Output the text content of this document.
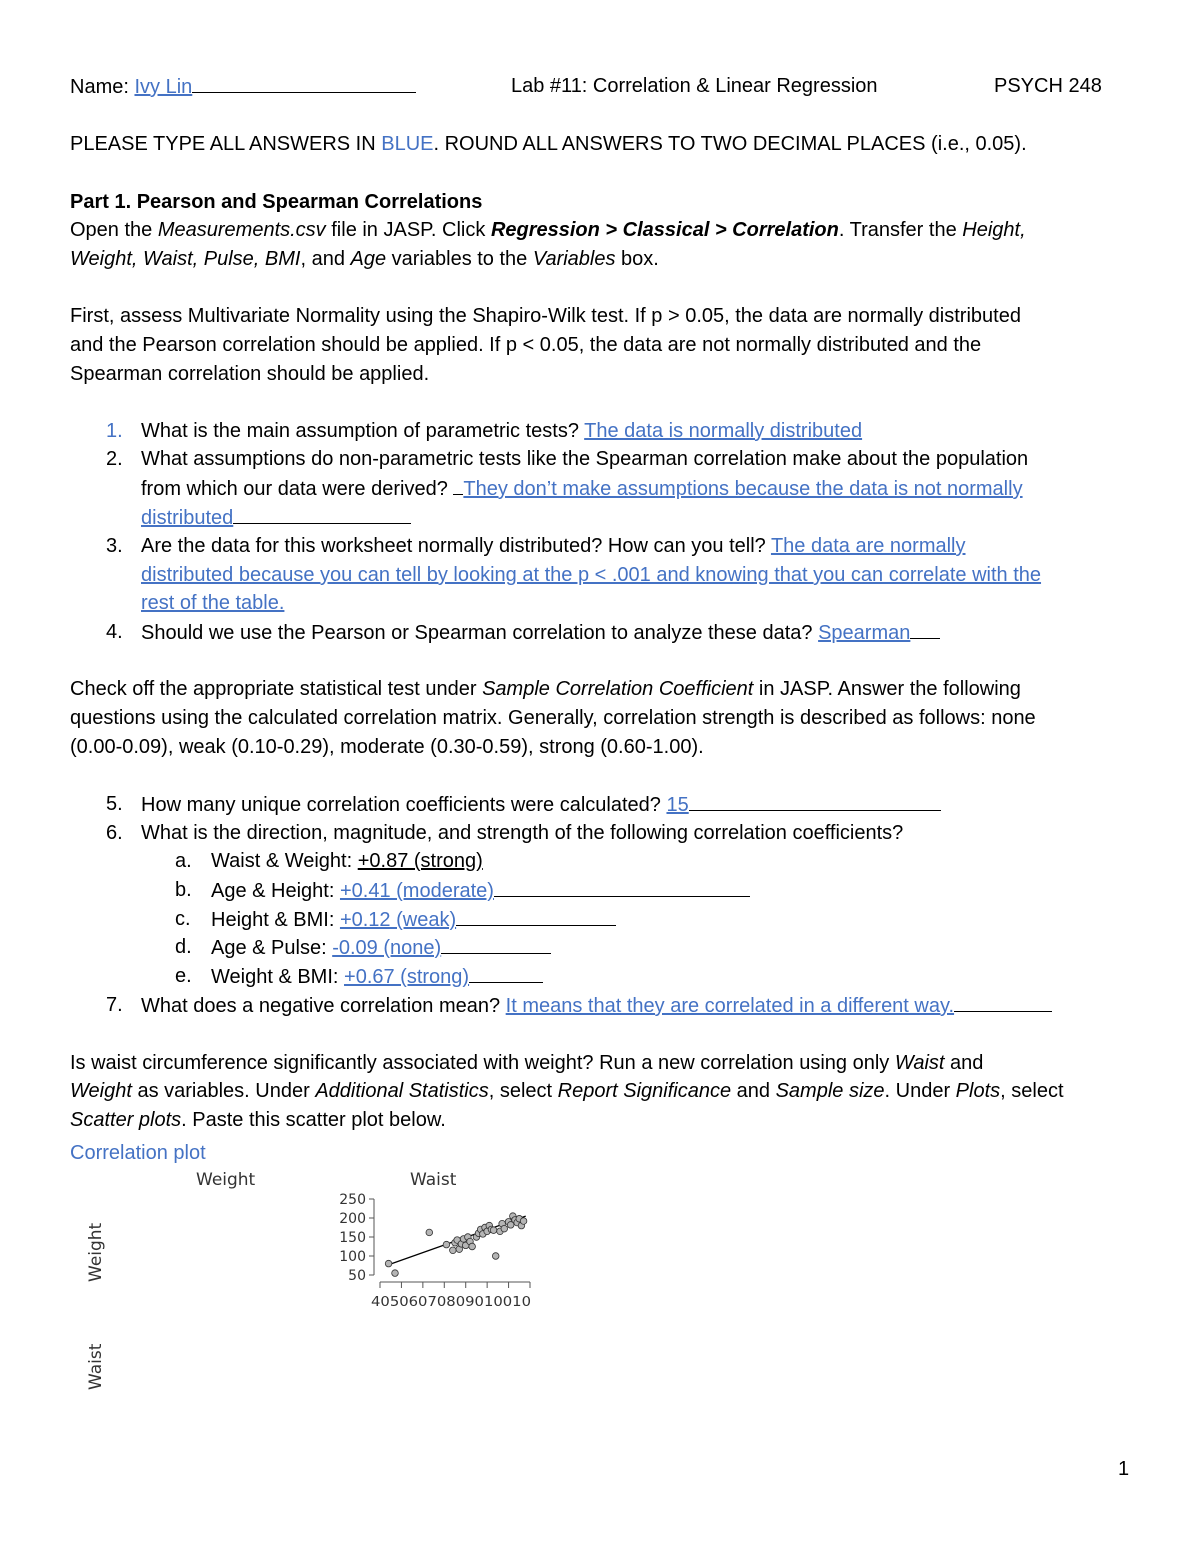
Name: Ivy Lin	Lab #11: Correlation & Linear Regression	PSYCH 248
PLEASE TYPE ALL ANSWERS IN BLUE. ROUND ALL ANSWERS TO TWO DECIMAL PLACES (i.e., 0.05).
Part 1. Pearson and Spearman Correlations
Open the Measurements.csv file in JASP. Click Regression > Classical > Correlation. Transfer the Height,
Weight, Waist, Pulse, BMI, and Age variables to the Variables box.
First, assess Multivariate Normality using the Shapiro-Wilk test. If p > 0.05, the data are normally distributed
and the Pearson correlation should be applied. If p < 0.05, the data are not normally distributed and the
Spearman correlation should be applied.
1. What is the main assumption of parametric tests? The data is normally distributed
2. What assumptions do non-parametric tests like the Spearman correlation make about the population
from which our data were derived? They don’t make assumptions because the data is not normally
distributed
3. Are the data for this worksheet normally distributed? How can you tell? The data are normally
distributed because you can tell by looking at the p < .001 and knowing that you can correlate with the
rest of the table.
4. Should we use the Pearson or Spearman correlation to analyze these data? Spearman
Check off the appropriate statistical test under Sample Correlation Coefficient in JASP. Answer the following
questions using the calculated correlation matrix. Generally, correlation strength is described as follows: none
(0.00-0.09), weak (0.10-0.29), moderate (0.30-0.59), strong (0.60-1.00).
5. How many unique correlation coefficients were calculated? 15
6. What is the direction, magnitude, and strength of the following correlation coefficients?
a. Waist & Weight: +0.87 (strong)
b. Age & Height: +0.41 (moderate)
c. Height & BMI: +0.12 (weak)
d. Age & Pulse: -0.09 (none)
e. Weight & BMI: +0.67 (strong)
7. What does a negative correlation mean? It means that they are correlated in a different way.
Is waist circumference significantly associated with weight? Run a new correlation using only Waist and
Weight as variables. Under Additional Statistics, select Report Significance and Sample size. Under Plots, select
Scatter plots. Paste this scatter plot below.
Correlation plot
Weight	Waist
Weight
Waist
50
100
150
200
250
40506070809010010
1
